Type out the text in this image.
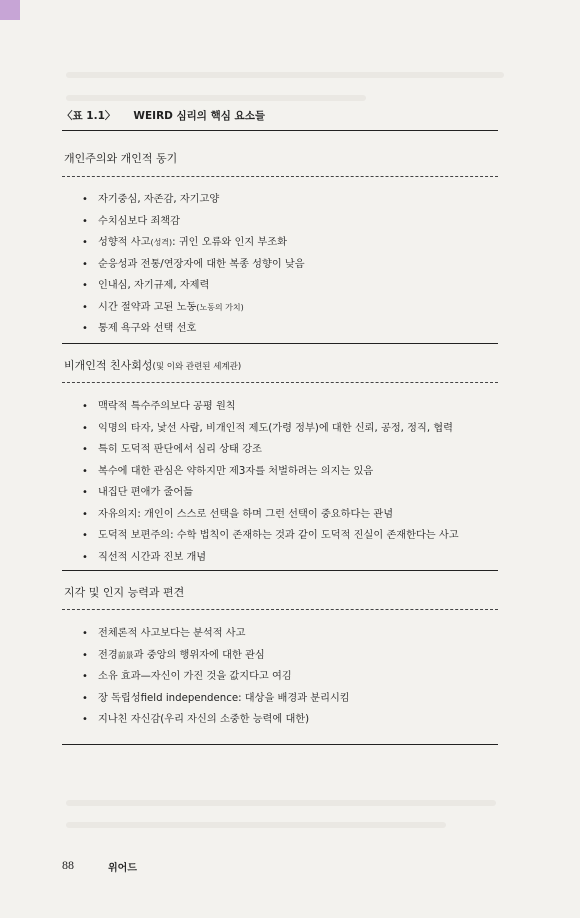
〈표 1.1〉 WEIRD 심리의 핵심 요소들
개인주의와 개인적 동기
• 자기중심, 자존감, 자기고양
• 수치심보다 죄책감
• 성향적 사고(성격): 귀인 오류와 인지 부조화
• 순응성과 전통/연장자에 대한 복종 성향이 낮음
• 인내심, 자기규제, 자제력
• 시간 절약과 고된 노동(노동의 가치)
• 통제 욕구와 선택 선호
비개인적 친사회성(및 이와 관련된 세계관)
• 맥락적 특수주의보다 공평 원칙
• 익명의 타자, 낯선 사람, 비개인적 제도(가령 정부)에 대한 신뢰, 공정, 정직, 협력
• 특히 도덕적 판단에서 심리 상태 강조
• 복수에 대한 관심은 약하지만 제3자를 처벌하려는 의지는 있음
• 내집단 편애가 줄어듦
• 자유의지: 개인이 스스로 선택을 하며 그런 선택이 중요하다는 관념
• 도덕적 보편주의: 수학 법칙이 존재하는 것과 같이 도덕적 진실이 존재한다는 사고
• 직선적 시간과 진보 개념
지각 및 인지 능력과 편견
• 전체론적 사고보다는 분석적 사고
• 전경前景과 중앙의 행위자에 대한 관심
• 소유 효과—자신이 가진 것을 값지다고 여김
• 장 독립성field independence: 대상을 배경과 분리시킴
• 지나친 자신감(우리 자신의 소중한 능력에 대한)
88	위어드
